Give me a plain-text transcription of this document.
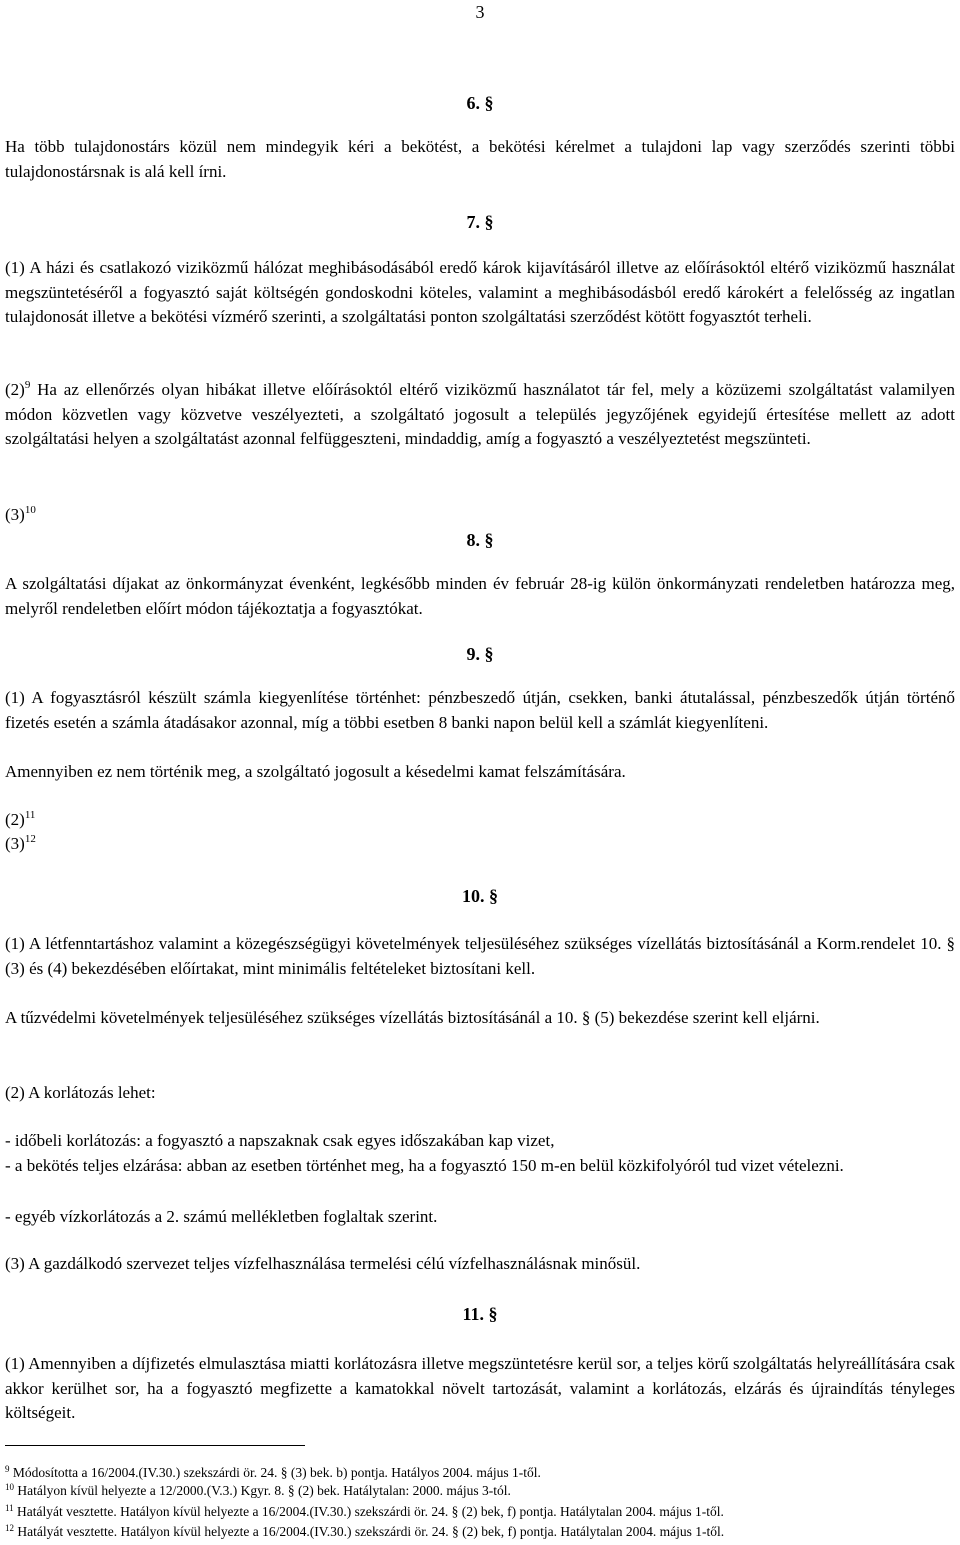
3
6. §
Ha több tulajdonostárs közül nem mindegyik kéri a bekötést, a bekötési kérelmet a tulajdoni lap vagy szerződés szerinti többi tulajdonostársnak is alá kell írni.
7. §
(1) A házi és csatlakozó viziközmű hálózat meghibásodásából eredő károk kijavításáról illetve az előírásoktól eltérő viziközmű használat megszüntetéséről a fogyasztó saját költségén gondoskodni köteles, valamint a meghibásodásból eredő károkért a felelősség az ingatlan tulajdonosát illetve a bekötési vízmérő szerinti, a szolgáltatási ponton szolgáltatási szerződést kötött fogyasztót terheli.
$(2)^9$ Ha az ellenőrzés olyan hibákat illetve előírásoktól eltérő viziközmű használatot tár fel, mely a közüzemi szolgáltatást valamilyen módon közvetlen vagy közvetve veszélyezteti, a szolgáltató jogosult a település jegyzőjének egyidejű értesítése mellett az adott szolgáltatási helyen a szolgáltatást azonnal felfüggeszteni, mindaddig, amíg a fogyasztó a veszélyeztetést megszünteti.
$(3)^{10}$
8. §
A szolgáltatási díjakat az önkormányzat évenként, legkésőbb minden év február 28-ig külön önkormányzati rendeletben határozza meg, melyről rendeletben előírt módon tájékoztatja a fogyasztókat.
9. §
(1) A fogyasztásról készült számla kiegyenlítése történhet: pénzbeszedő útján, csekken, banki átutalással, pénzbeszedők útján történő fizetés esetén a számla átadásakor azonnal, míg a többi esetben 8 banki napon belül kell a számlát kiegyenlíteni.
Amennyiben ez nem történik meg, a szolgáltató jogosult a késedelmi kamat felszámítására.
$(2)^{11}$
$(3)^{12}$
10. §
(1) A létfenntartáshoz valamint a közegészségügyi követelmények teljesüléséhez szükséges vízellátás biztosításánál a Korm.rendelet 10. § (3) és (4) bekezdésében előírtakat, mint minimális feltételeket biztosítani kell.
A tűzvédelmi követelmények teljesüléséhez szükséges vízellátás biztosításánál a 10. § (5) bekezdése szerint kell eljárni.
(2) A korlátozás lehet:
- időbeli korlátozás: a fogyasztó a napszaknak csak egyes időszakában kap vizet,
- a bekötés teljes elzárása: abban az esetben történhet meg, ha a fogyasztó 150 m-en belül közkifolyóról tud vizet vételezni.
- egyéb vízkorlátozás a 2. számú mellékletben foglaltak szerint.
(3) A gazdálkodó szervezet teljes vízfelhasználása termelési célú vízfelhasználásnak minősül.
11. §
(1) Amennyiben a díjfizetés elmulasztása miatti korlátozásra illetve megszüntetésre kerül sor, a teljes körű szolgáltatás helyreállítására csak akkor kerülhet sor, ha a fogyasztó megfizette a kamatokkal növelt tartozását, valamint a korlátozás, elzárás és újraindítás tényleges költségeit.
$^9$ Módosította a 16/2004.(IV.30.) szekszárdi ör. 24. § (3) bek. b) pontja. Hatályos 2004. május 1-től.
$^{10}$ Hatályon kívül helyezte a 12/2000.(V.3.) Kgyr. 8. § (2) bek. Hatálytalan: 2000. május 3-tól.
$^{11}$ Hatályát vesztette. Hatályon kívül helyezte a 16/2004.(IV.30.) szekszárdi ör. 24. § (2) bek, f) pontja. Hatálytalan 2004. május 1-től.
$^{12}$ Hatályát vesztette. Hatályon kívül helyezte a 16/2004.(IV.30.) szekszárdi ör. 24. § (2) bek, f) pontja. Hatálytalan 2004. május 1-től.
